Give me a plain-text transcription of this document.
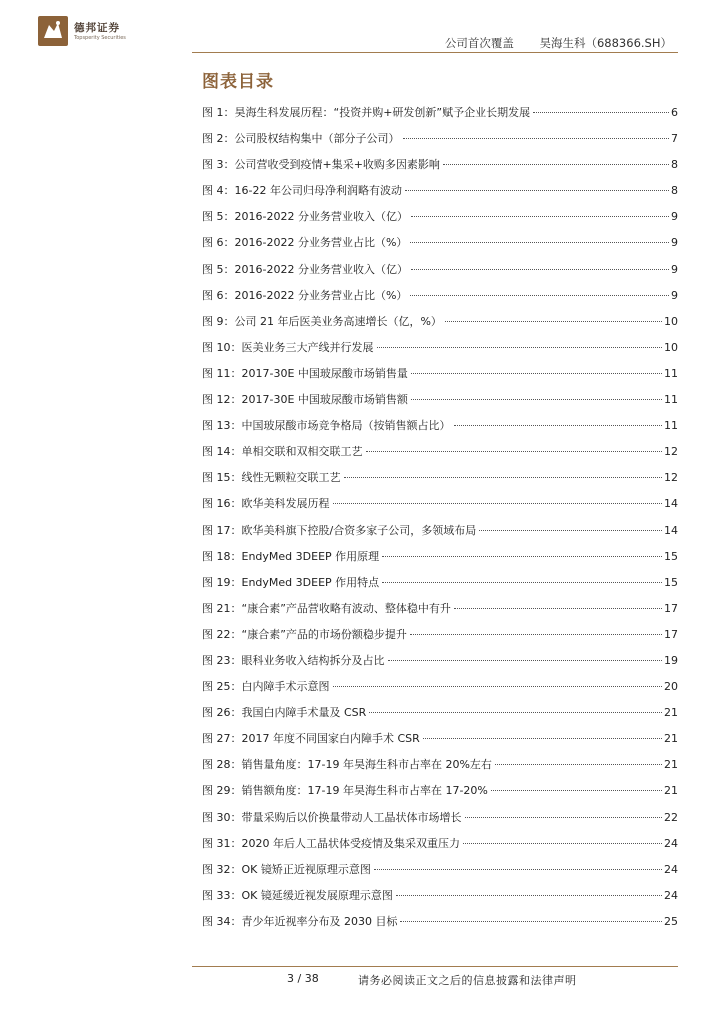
德邦证券
Topsperity Securities	公司首次覆盖 昊海生科（688366.SH）
图表目录
图 1：昊海生科发展历程：“投资并购+研发创新”赋予企业长期发展	6
图 2：公司股权结构集中（部分子公司）	7
图 3：公司营收受到疫情+集采+收购多因素影响	8
图 4：16-22 年公司归母净利润略有波动	8
图 5：2016-2022 分业务营业收入（亿）	9
图 6：2016-2022 分业务营业占比（%）	9
图 5：2016-2022 分业务营业收入（亿）	9
图 6：2016-2022 分业务营业占比（%）	9
图 9：公司 21 年后医美业务高速增长（亿，%）	10
图 10：医美业务三大产线并行发展	10
图 11：2017-30E 中国玻尿酸市场销售量	11
图 12：2017-30E 中国玻尿酸市场销售额	11
图 13：中国玻尿酸市场竞争格局（按销售额占比）	11
图 14：单相交联和双相交联工艺	12
图 15：线性无颗粒交联工艺	12
图 16：欧华美科发展历程	14
图 17：欧华美科旗下控股/合资多家子公司，多领域布局	14
图 18：EndyMed 3DEEP 作用原理	15
图 19：EndyMed 3DEEP 作用特点	15
图 21：“康合素”产品营收略有波动、整体稳中有升	17
图 22：“康合素”产品的市场份额稳步提升	17
图 23：眼科业务收入结构拆分及占比	19
图 25：白内障手术示意图	20
图 26：我国白内障手术量及 CSR	21
图 27：2017 年度不同国家白内障手术 CSR	21
图 28：销售量角度：17-19 年昊海生科市占率在 20%左右	21
图 29：销售额角度：17-19 年昊海生科市占率在 17-20%	21
图 30：带量采购后以价换量带动人工晶状体市场增长	22
图 31：2020 年后人工晶状体受疫情及集采双重压力	24
图 32：OK 镜矫正近视原理示意图	24
图 33：OK 镜延缓近视发展原理示意图	24
图 34：青少年近视率分布及 2030 目标	25
3 / 38	请务必阅读正文之后的信息披露和法律声明
